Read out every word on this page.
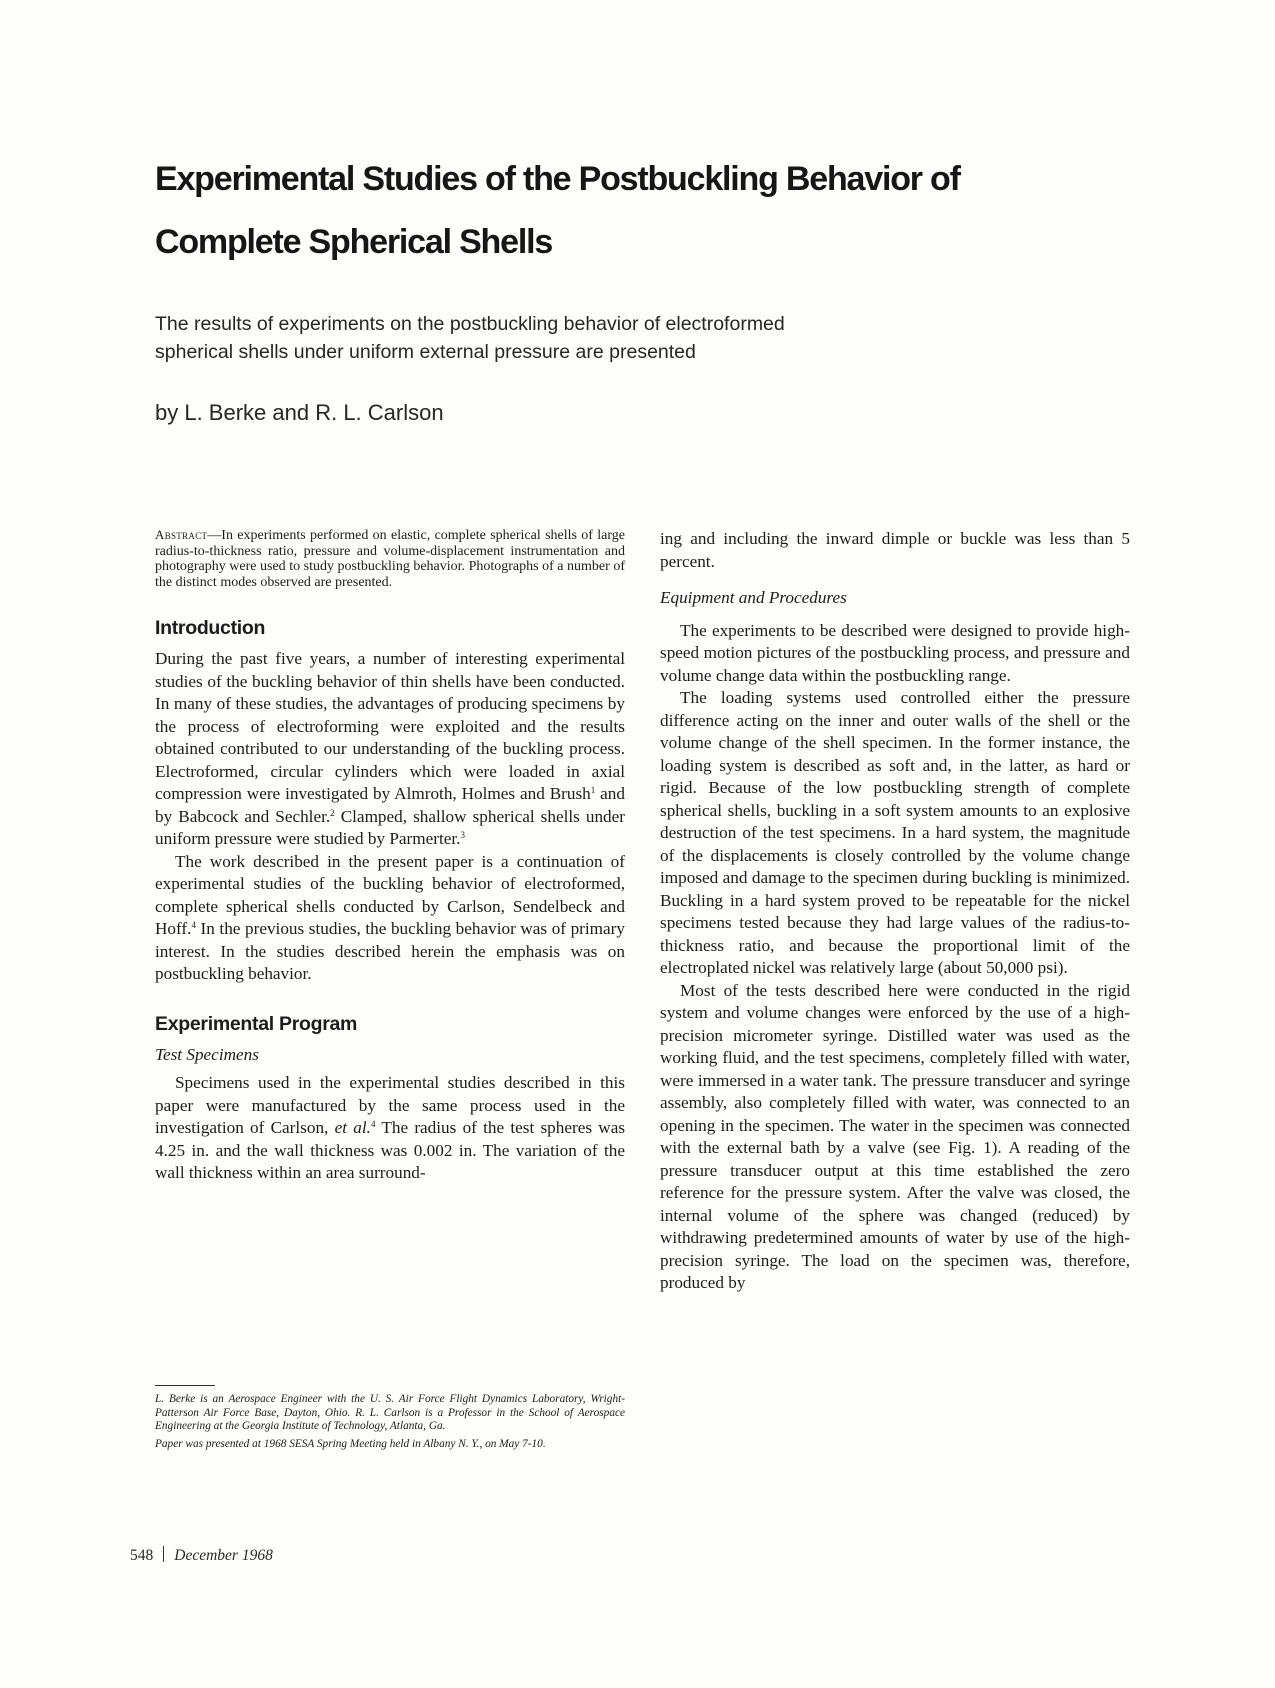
Experimental Studies of the Postbuckling Behavior of
Complete Spherical Shells

The results of experiments on the postbuckling behavior of electroformed
spherical shells under uniform external pressure are presented

by L. Berke and R. L. Carlson

Abstract—In experiments performed on elastic, complete spherical shells of large radius-to-thickness ratio, pressure and volume-displacement instrumentation and photography were used to study postbuckling behavior. Photographs of a number of the distinct modes observed are presented.

Introduction

During the past five years, a number of interesting experimental studies of the buckling behavior of thin shells have been conducted. In many of these studies, the advantages of producing specimens by the process of electroforming were exploited and the results obtained contributed to our understanding of the buckling process. Electroformed, circular cylinders which were loaded in axial compression were investigated by Almroth, Holmes and Brush$^1$ and by Babcock and Sechler.$^2$ Clamped, shallow spherical shells under uniform pressure were studied by Parmerter.$^3$

The work described in the present paper is a continuation of experimental studies of the buckling behavior of electroformed, complete spherical shells conducted by Carlson, Sendelbeck and Hoff.$^4$ In the previous studies, the buckling behavior was of primary interest. In the studies described herein the emphasis was on postbuckling behavior.

Experimental Program

Test Specimens

Specimens used in the experimental studies described in this paper were manufactured by the same process used in the investigation of Carlson, et al.$^4$ The radius of the test spheres was 4.25 in. and the wall thickness was 0.002 in. The variation of the wall thickness within an area surround-

ing and including the inward dimple or buckle was less than 5 percent.

Equipment and Procedures

The experiments to be described were designed to provide high-speed motion pictures of the postbuckling process, and pressure and volume change data within the postbuckling range.

The loading systems used controlled either the pressure difference acting on the inner and outer walls of the shell or the volume change of the shell specimen. In the former instance, the loading system is described as soft and, in the latter, as hard or rigid. Because of the low postbuckling strength of complete spherical shells, buckling in a soft system amounts to an explosive destruction of the test specimens. In a hard system, the magnitude of the displacements is closely controlled by the volume change imposed and damage to the specimen during buckling is minimized. Buckling in a hard system proved to be repeatable for the nickel specimens tested because they had large values of the radius-to-thickness ratio, and because the proportional limit of the electroplated nickel was relatively large (about 50,000 psi).

Most of the tests described here were conducted in the rigid system and volume changes were enforced by the use of a high-precision micrometer syringe. Distilled water was used as the working fluid, and the test specimens, completely filled with water, were immersed in a water tank. The pressure transducer and syringe assembly, also completely filled with water, was connected to an opening in the specimen. The water in the specimen was connected with the external bath by a valve (see Fig. 1). A reading of the pressure transducer output at this time established the zero reference for the pressure system. After the valve was closed, the internal volume of the sphere was changed (reduced) by withdrawing predetermined amounts of water by use of the high-precision syringe. The load on the specimen was, therefore, produced by

L. Berke is an Aerospace Engineer with the U. S. Air Force Flight Dynamics Laboratory, Wright-Patterson Air Force Base, Dayton, Ohio. R. L. Carlson is a Professor in the School of Aerospace Engineering at the Georgia Institute of Technology, Atlanta, Ga.

Paper was presented at 1968 SESA Spring Meeting held in Albany N. Y., on May 7-10.

548 December 1968
